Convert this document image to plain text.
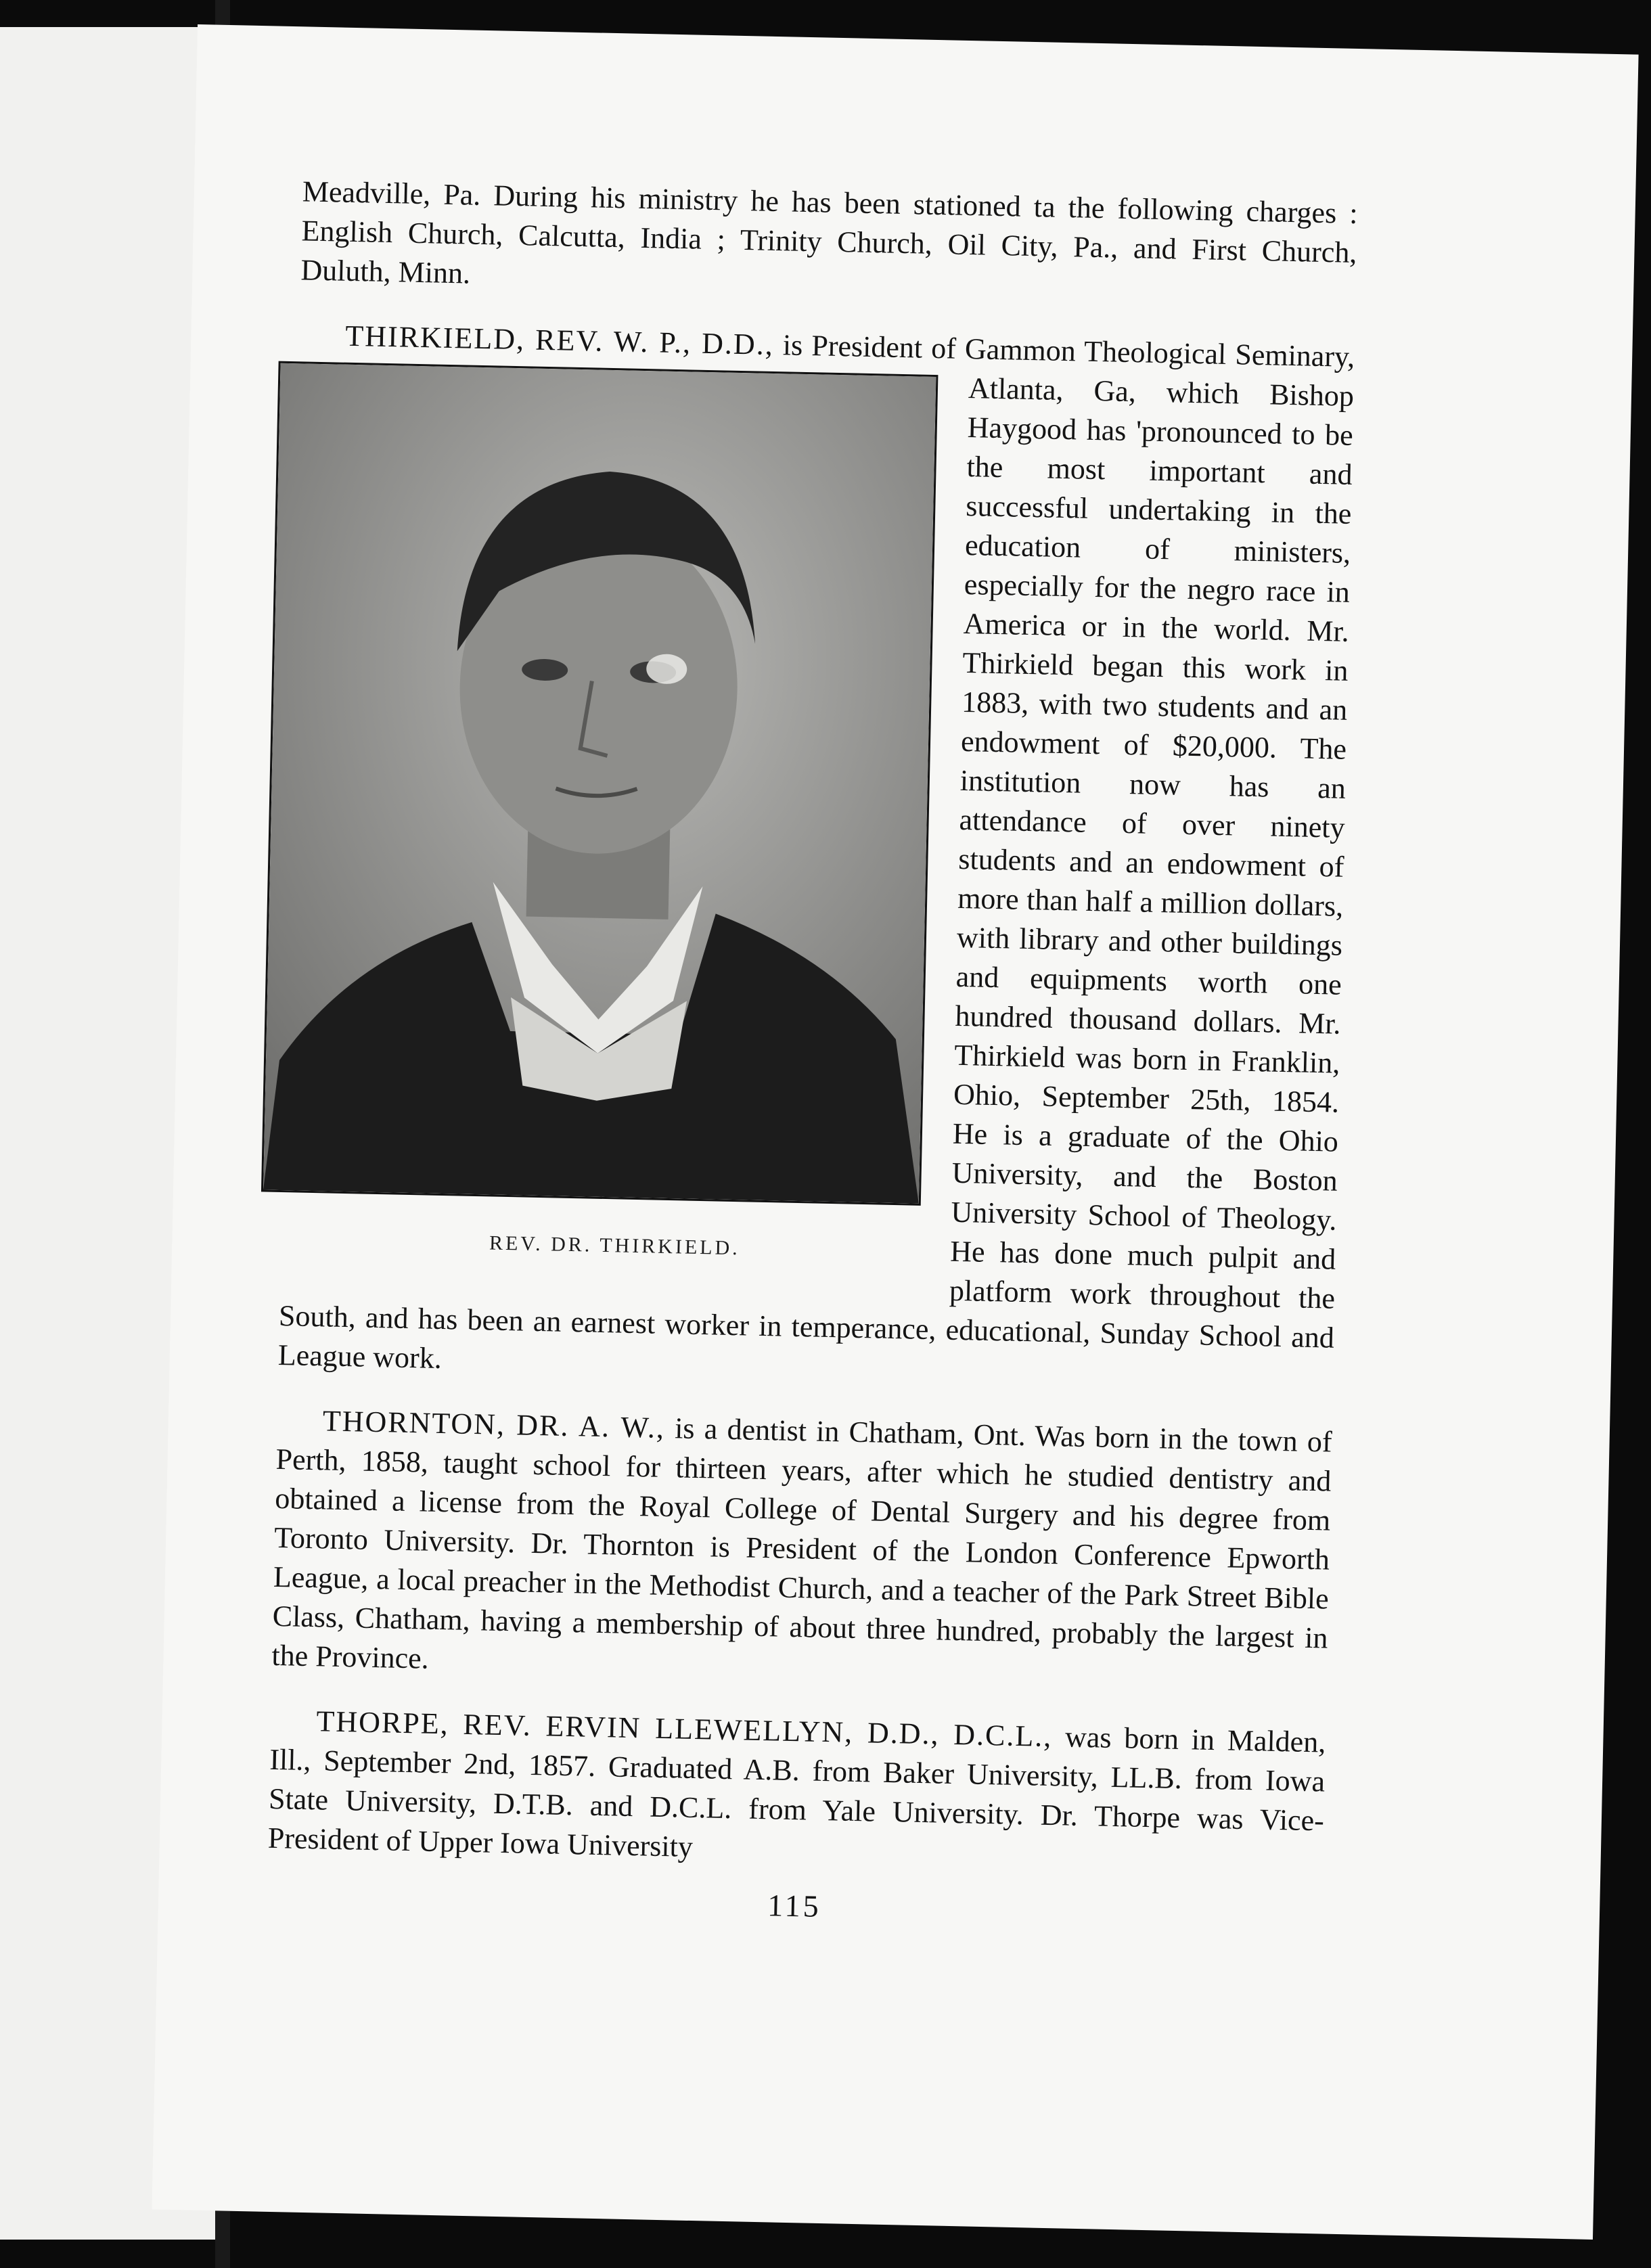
Meadville, Pa. During his ministry he has been stationed ta the following charges : English Church, Calcutta, India ; Trinity Church, Oil City, Pa., and First Church, Duluth, Minn.

THIRKIELD, REV. W. P., D.D.,
REV. DR. THIRKIELD.
is President of Gammon Theological Seminary, Atlanta, Ga, which Bishop Haygood has 'pronounced to be the most important and successful undertaking in the education of ministers, especially for the negro race in America or in the world. Mr. Thirkield began this work in 1883, with two students and an endowment of $20,000. The institution now has an attendance of over ninety students and an endowment of more than half a million dollars, with library and other buildings and equipments worth one hundred thousand dollars. Mr. Thirkield was born in Franklin, Ohio, September 25th, 1854. He is a graduate of the Ohio University, and the Boston University School of Theology. He has done much pulpit and platform work throughout the South, and has been an earnest worker in temperance, educational, Sunday School and League work.

THORNTON, DR. A. W., is a dentist in Chatham, Ont. Was born in the town of Perth, 1858, taught school for thirteen years, after which he studied dentistry and obtained a license from the Royal College of Dental Surgery and his degree from Toronto University. Dr. Thornton is President of the London Conference Epworth League, a local preacher in the Methodist Church, and a teacher of the Park Street Bible Class, Chatham, having a membership of about three hundred, probably the largest in the Province.

THORPE, REV. ERVIN LLEWELLYN, D.D., D.C.L., was born in Malden, Ill., September 2nd, 1857. Graduated A.B. from Baker University, LL.B. from Iowa State University, D.T.B. and D.C.L. from Yale University. Dr. Thorpe was Vice-President of Upper Iowa University

115
